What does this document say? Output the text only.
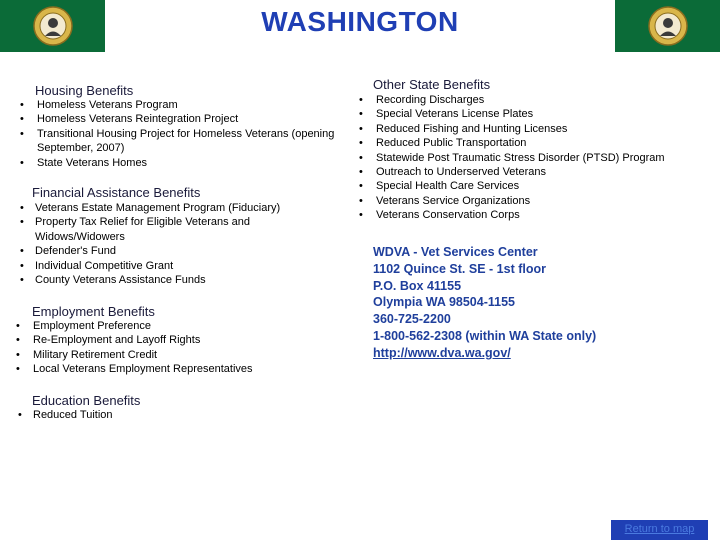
WASHINGTON
Housing Benefits
• Homeless Veterans Program
• Homeless Veterans Reintegration Project
• Transitional Housing Project for Homeless Veterans (opening September, 2007)
• State Veterans Homes
Financial Assistance Benefits
• Veterans Estate Management Program (Fiduciary)
• Property Tax Relief for Eligible Veterans and Widows/Widowers
• Defender's Fund
• Individual Competitive Grant
• County Veterans Assistance Funds
Employment Benefits
• Employment Preference
• Re-Employment and Layoff Rights
• Military Retirement Credit
• Local Veterans Employment Representatives
Education Benefits
• Reduced Tuition
Other State Benefits
• Recording Discharges
• Special Veterans License Plates
• Reduced Fishing and Hunting Licenses
• Reduced Public Transportation
• Statewide Post Traumatic Stress Disorder (PTSD) Program
• Outreach to Underserved Veterans
• Special Health Care Services
• Veterans Service Organizations
• Veterans Conservation Corps
WDVA - Vet Services Center
1102 Quince St. SE - 1st floor
P.O. Box 41155
Olympia WA 98504-1155
360-725-2200
1-800-562-2308 (within WA State only)
http://www.dva.wa.gov/
Return to map
